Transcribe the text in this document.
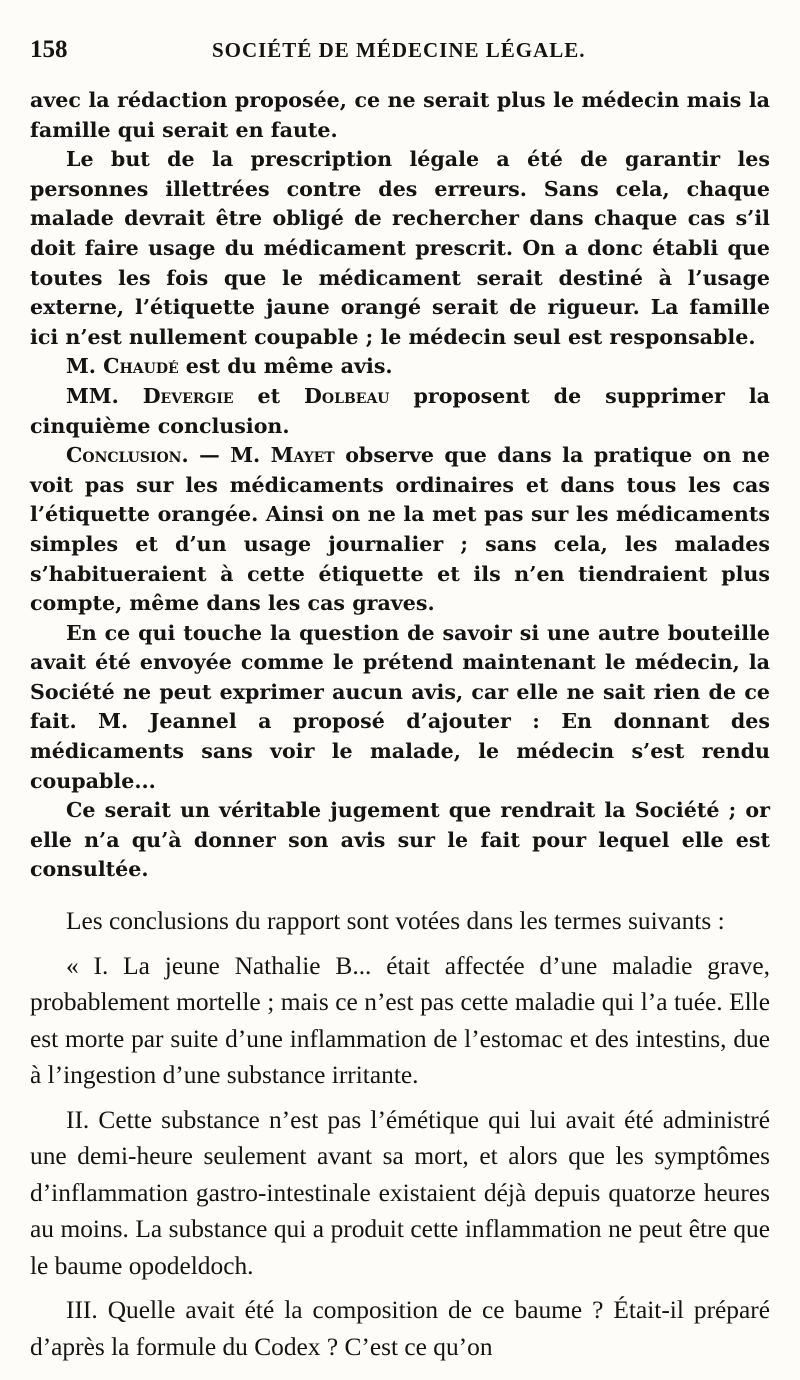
158	SOCIÉTÉ DE MÉDECINE LÉGALE.

avec la rédaction proposée, ce ne serait plus le médecin mais la famille qui serait en faute.

Le but de la prescription légale a été de garantir les personnes illettrées contre des erreurs. Sans cela, chaque malade devrait être obligé de rechercher dans chaque cas s’il doit faire usage du médicament prescrit. On a donc établi que toutes les fois que le médicament serait destiné à l’usage externe, l’étiquette jaune orangé serait de rigueur. La famille ici n’est nullement coupable ; le médecin seul est responsable.

M. Chaudé est du même avis.

MM. Devergie et Dolbeau proposent de supprimer la cinquième conclusion.

Conclusion. — M. Mayet observe que dans la pratique on ne voit pas sur les médicaments ordinaires et dans tous les cas l’étiquette orangée. Ainsi on ne la met pas sur les médicaments simples et d’un usage journalier ; sans cela, les malades s’habitueraient à cette étiquette et ils n’en tiendraient plus compte, même dans les cas graves.

En ce qui touche la question de savoir si une autre bouteille avait été envoyée comme le prétend maintenant le médecin, la Société ne peut exprimer aucun avis, car elle ne sait rien de ce fait. M. Jeannel a proposé d’ajouter : En donnant des médicaments sans voir le malade, le médecin s’est rendu coupable...

Ce serait un véritable jugement que rendrait la Société ; or elle n’a qu’à donner son avis sur le fait pour lequel elle est consultée.

Les conclusions du rapport sont votées dans les termes suivants :

« I. La jeune Nathalie B... était affectée d’une maladie grave, probablement mortelle ; mais ce n’est pas cette maladie qui l’a tuée. Elle est morte par suite d’une inflammation de l’estomac et des intestins, due à l’ingestion d’une substance irritante.

II. Cette substance n’est pas l’émétique qui lui avait été administré une demi-heure seulement avant sa mort, et alors que les symptômes d’inflammation gastro-intestinale existaient déjà depuis quatorze heures au moins. La substance qui a produit cette inflammation ne peut être que le baume opodeldoch.

III. Quelle avait été la composition de ce baume ? Était-il préparé d’après la formule du Codex ? C’est ce qu’on
